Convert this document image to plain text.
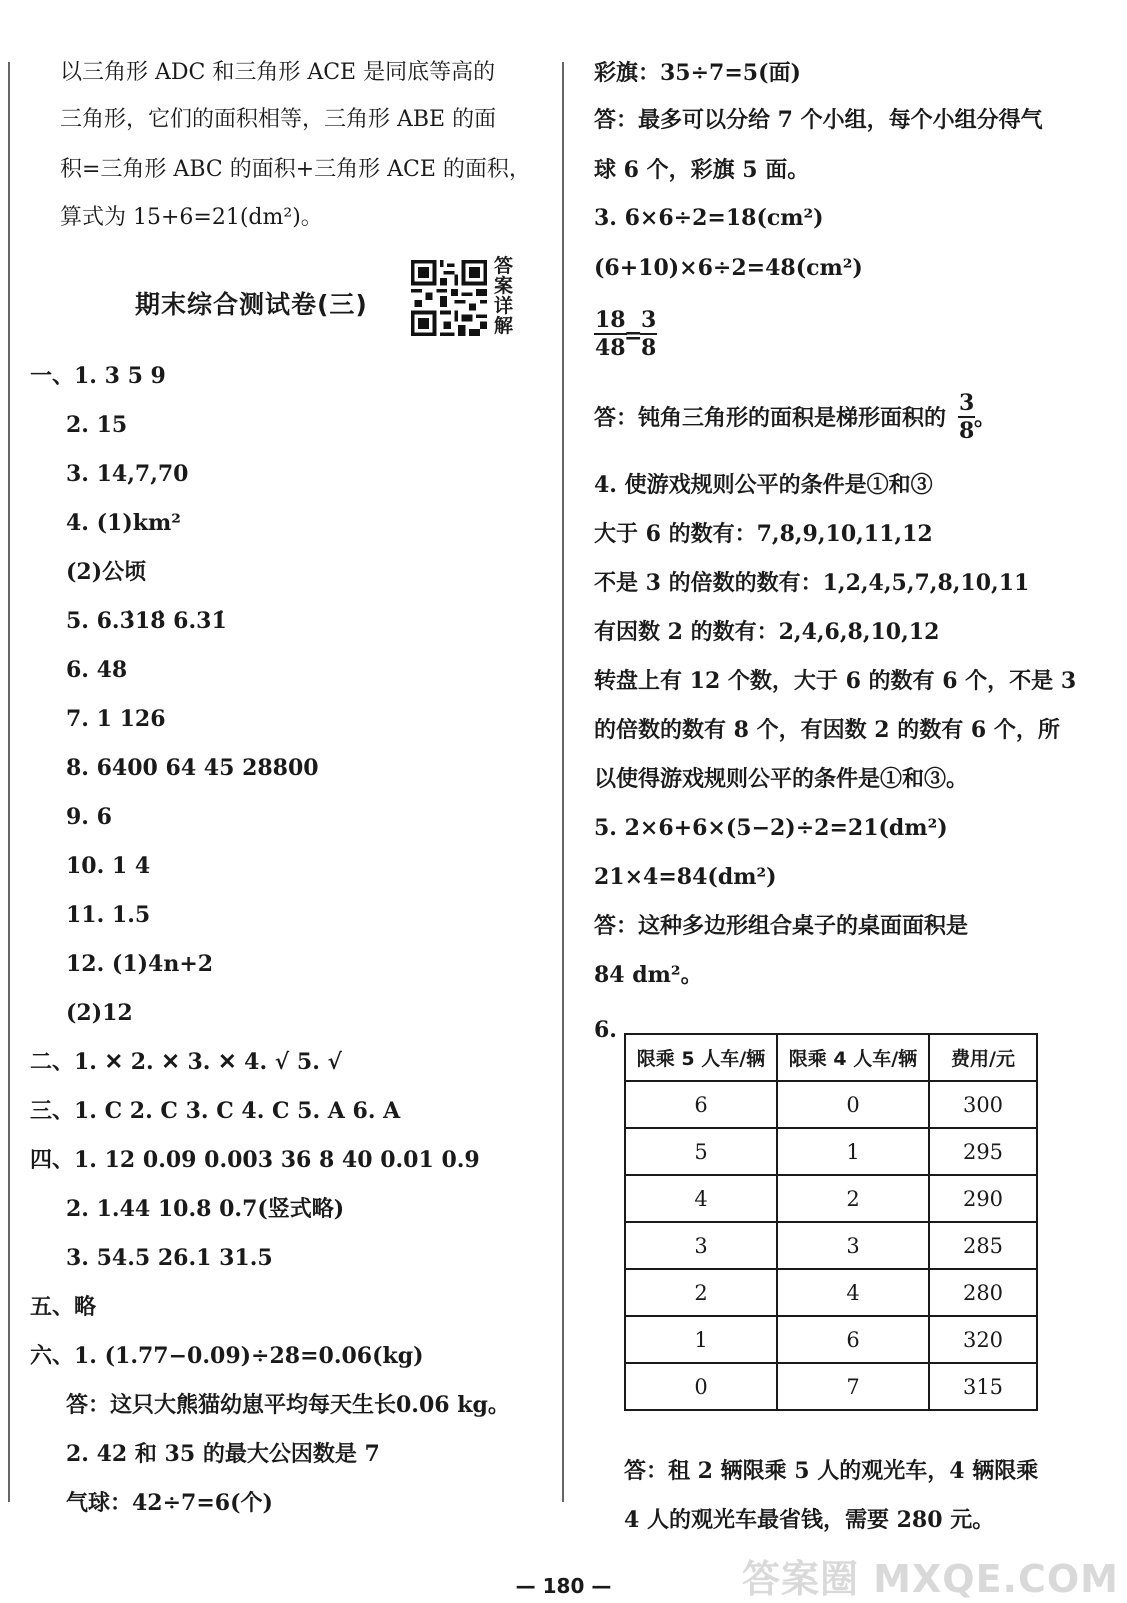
以三角形 ADC 和三角形 ACE 是同底等高的
三角形，它们的面积相等，三角形 ABE 的面
积=三角形 ABC 的面积+三角形 ACE 的面积，
算式为 15+6=21(dm²)。
期末综合测试卷(三)
答案详解
一、1. 3 5 9
2. 15
3. 14,7,70
4. (1)km²
(2)公顷
5. 6.3̇18̇ 6.31̇
6. 48
7. 1 126
8. 6400 64 45 28800
9. 6
10. 1 4
11. 1.5
12. (1)4n+2
(2)12
二、1. ✕ 2. ✕ 3. ✕ 4. √ 5. √
三、1. C 2. C 3. C 4. C 5. A 6. A
四、1. 12 0.09 0.003 36 8 40 0.01 0.9
2. 1.44 10.8 0.7(竖式略)
3. 54.5 26.1 31.5
五、略
六、1. (1.77−0.09)÷28=0.06(kg)
答：这只大熊猫幼崽平均每天生长0.06 kg。
2. 42 和 35 的最大公因数是 7
气球：42÷7=6(个)
彩旗：35÷7=5(面)
答：最多可以分给 7 个小组，每个小组分得气
球 6 个，彩旗 5 面。
3. 6×6÷2=18(cm²)
(6+10)×6÷2=48(cm²)
$\frac{18}{48}$
=
$\frac{3}{8}$
答：钝角三角形的面积是梯形面积的 $\frac{3}{8}$
。
4. 使游戏规则公平的条件是①和③
大于 6 的数有：7,8,9,10,11,12
不是 3 的倍数的数有：1,2,4,5,7,8,10,11
有因数 2 的数有：2,4,6,8,10,12
转盘上有 12 个数，大于 6 的数有 6 个，不是 3
的倍数的数有 8 个，有因数 2 的数有 6 个，所
以使得游戏规则公平的条件是①和③。
5. 2×6+6×(5−2)÷2=21(dm²)
21×4=84(dm²)
答：这种多边形组合桌子的桌面面积是
84 dm²。
6.
限乘 5 人车/辆	限乘 4 人车/辆	费用/元
6	0	300
5	1	295
4	2	290
3	3	285
2	4	280
1	6	320
0	7	315
答：租 2 辆限乘 5 人的观光车，4 辆限乘
4 人的观光车最省钱，需要 280 元。
— 180 —	答案圈 MXQE.COM
